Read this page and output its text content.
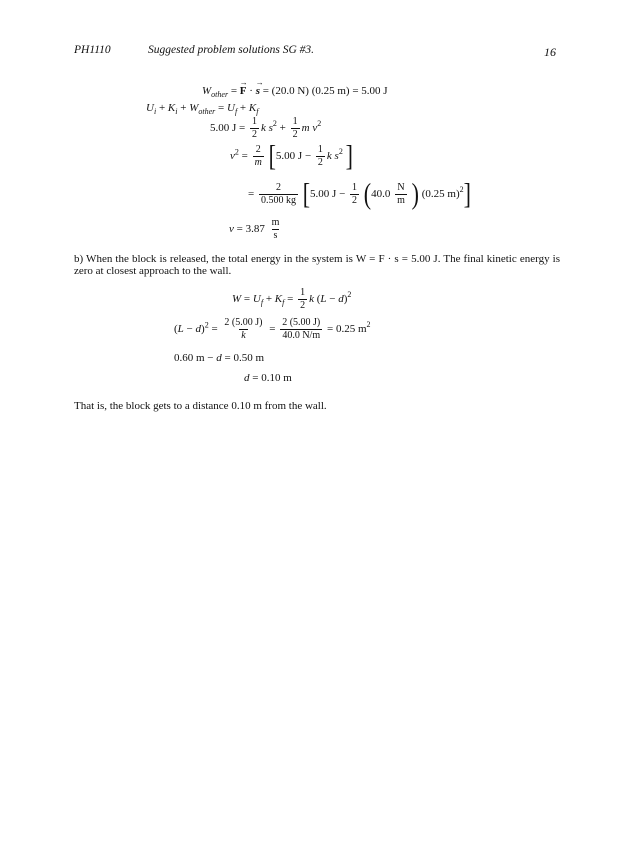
PH1110	Suggested problem solutions SG #3.	16
$W_{other}$ = → F · → s = (20.0 N) (0.25 m) = 5.00 J
$U_i + K_i + W_{other} = U_f + K_f$
5.00 $J = \frac{1}{2}$ k $s^2 + \frac{1}{2}$ m $v^2$
$v^2 = \frac{2}{m} [5.00$ $J - \frac{1}{2}$ k $s^2$ ]
= $\frac{2}{0.500 kg} [5.00$ $J - \frac{1}{2} (40.0 \frac{N}{m}$ ) (0.25 m)$^2$]
$v = 3.87 \frac{m}{s}$
b) When the block is released, the total energy in the system is W = F · s = 5.00 J. The final kinetic energy is zero at closest approach to the wall.
$W = U_f + K_f = \frac{1}{2}$ k $(L - d)^2$
$(L - d)^2 = \frac{2 (5.00 J)}{k} = \frac{2 (5.00 J)}{40.0 N/m} = 0.25$ $m^2$
0.60 m − d = 0.50 m
d = 0.10 m
That is, the block gets to a distance 0.10 m from the wall.
W_other= F · s = (20.0 N) (0.25 m) = 5.00 J U_i + K_i + W_other= U_f + K_f 5.00 J= ½ k s² + ½ m v² v²= 2/m [5.00 J − ½ k s²] = 2/0.500 kg [5.00 J − ½ (40.0 N/m) (0.25 m)²] v= 3.87 m/s W= U_f + K_f = ½ k (L − d)² (L − d)²= 2 (5.00 J) / k = 2 (5.00 J) / 40.0 N/m = 0.25 m² 0.60 m − d= 0.50 m d= 0.10 m
